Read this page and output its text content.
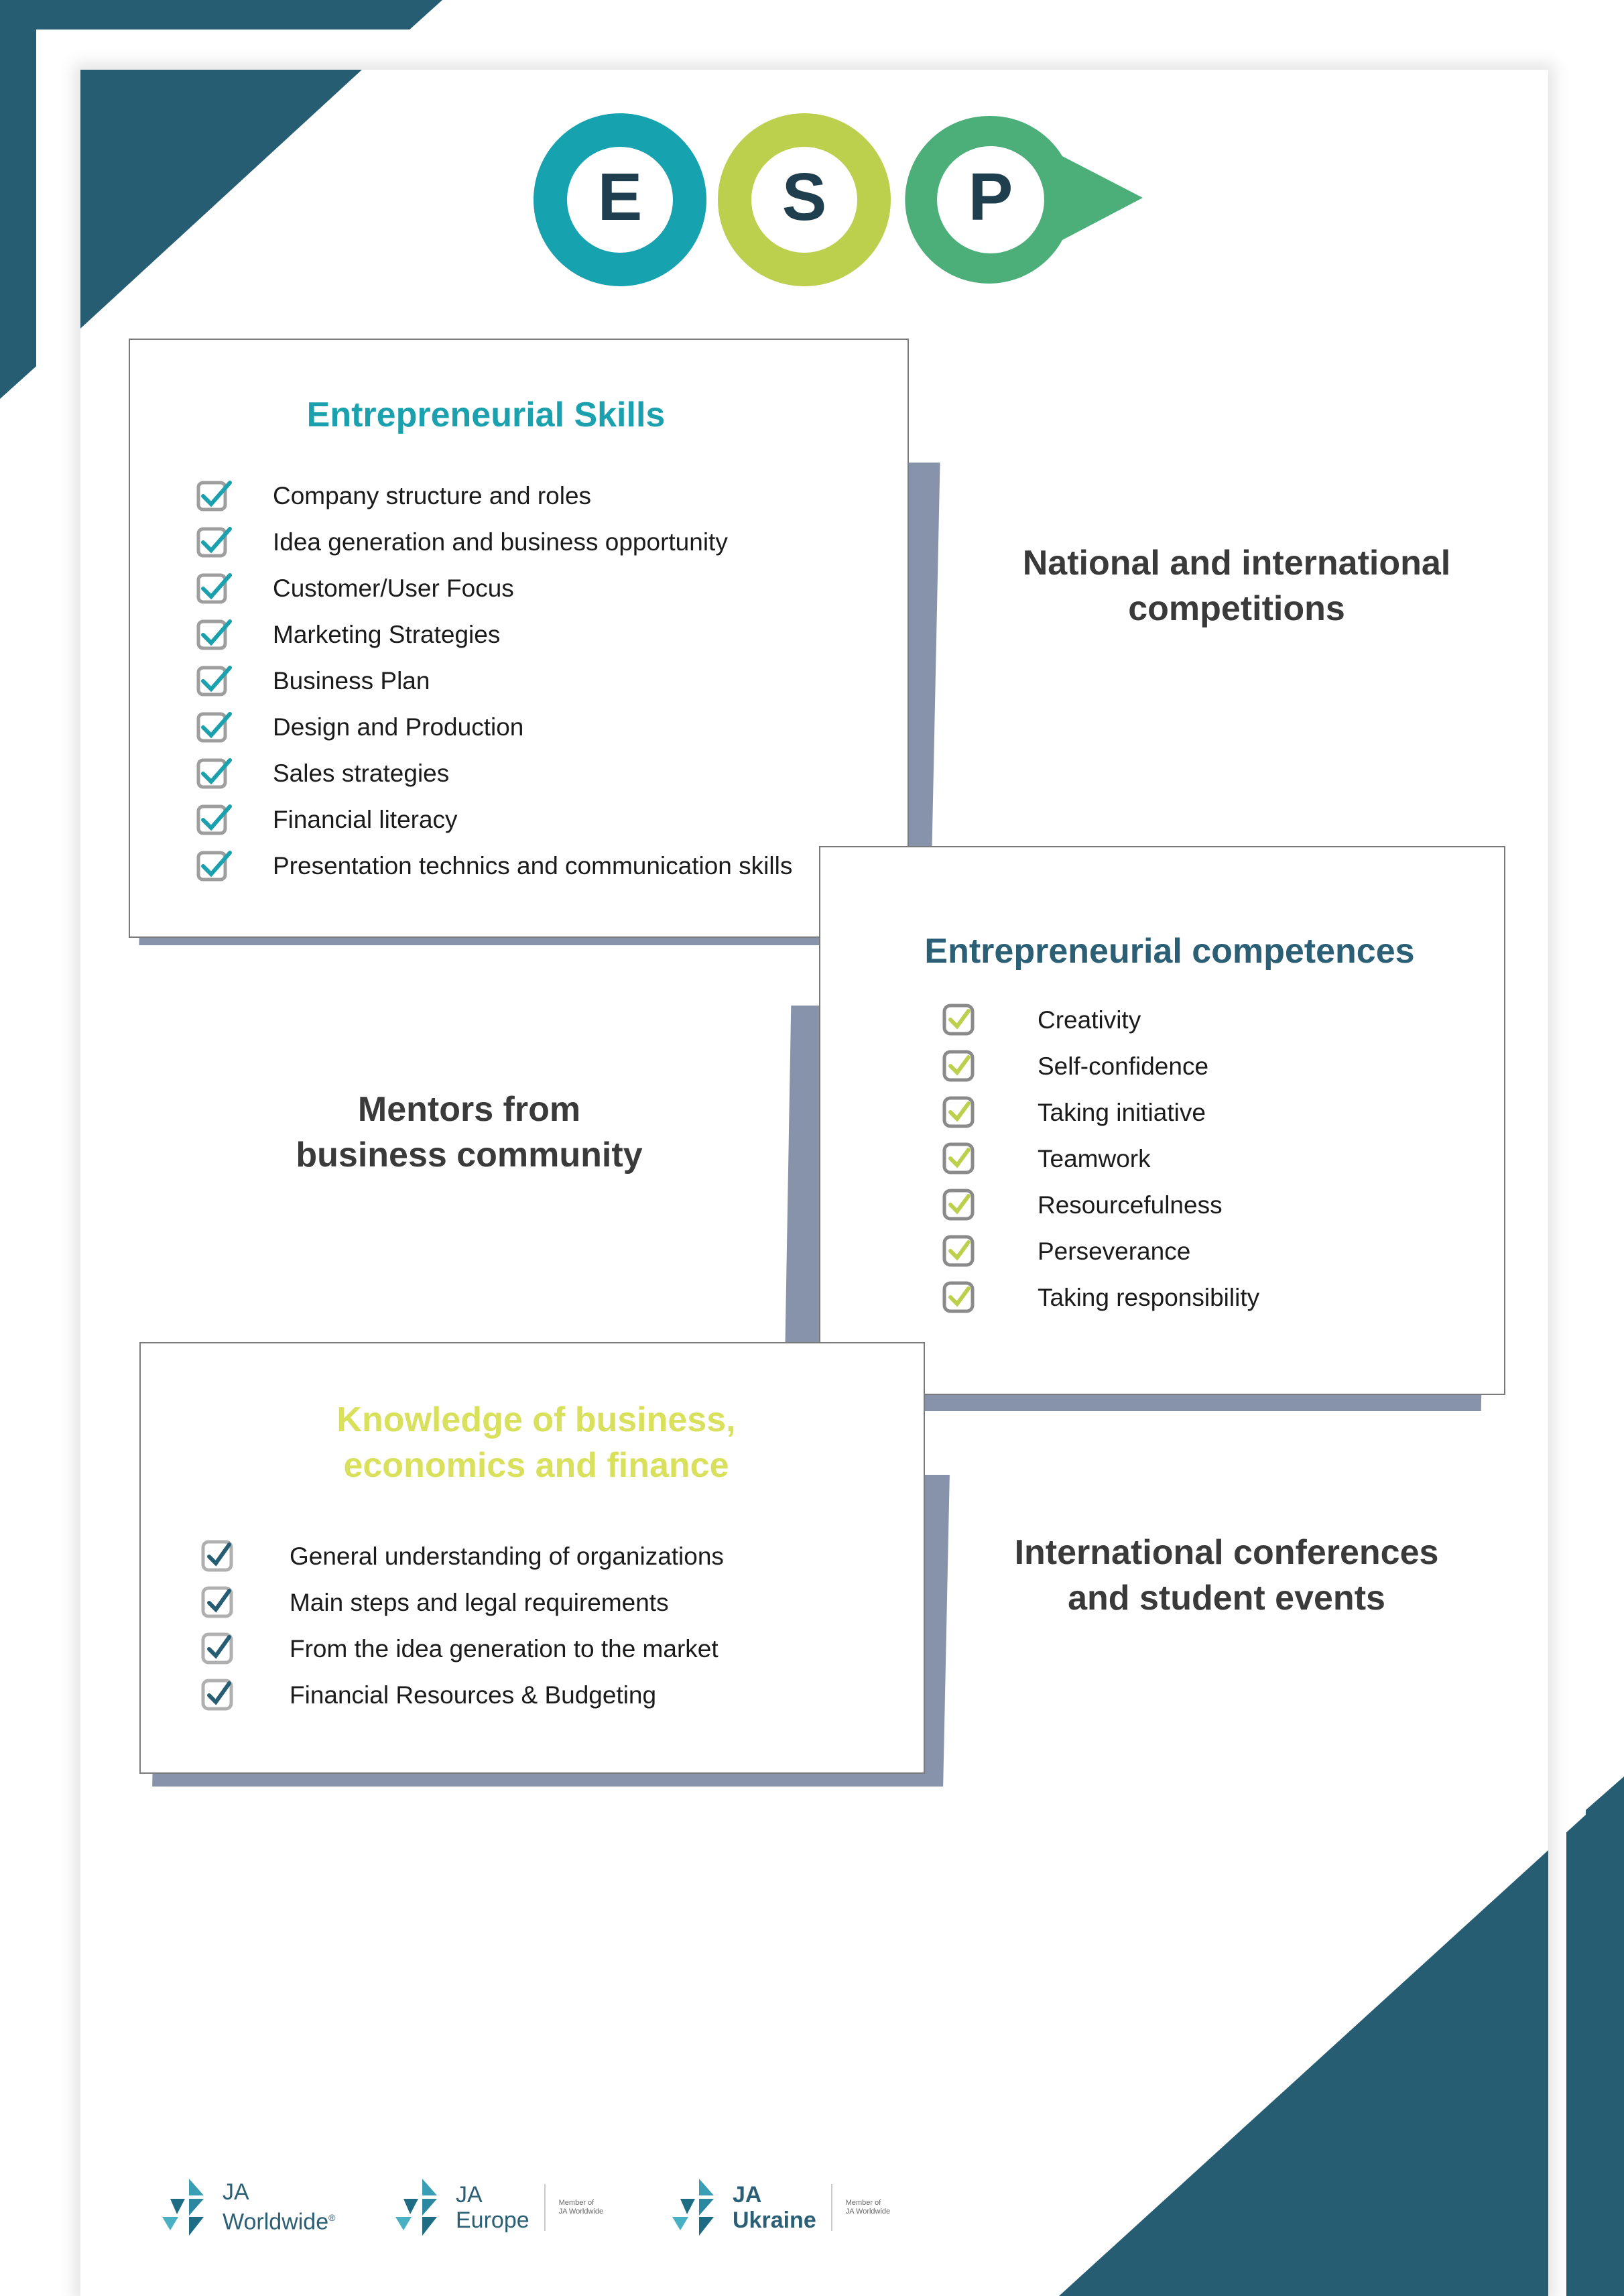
E S P
Entrepreneurial Skills
Company structure and roles
Idea generation and business opportunity
Customer/User Focus
Marketing Strategies
Business Plan
Design and Production
Sales strategies
Financial literacy
Presentation technics and communication skills
Entrepreneurial competences
Creativity
Self-confidence
Taking initiative
Teamwork
Resourcefulness
Perseverance
Taking responsibility
Knowledge of business,
economics and finance
General understanding of organizations
Main steps and legal requirements
From the idea generation to the market
Financial Resources & Budgeting
National and international
competitions
Mentors from
business community
International conferences
and student events
JA
Worldwide®
JA
Europe
Member of
JA Worldwide
JA
Ukraine
Member of
JA Worldwide
